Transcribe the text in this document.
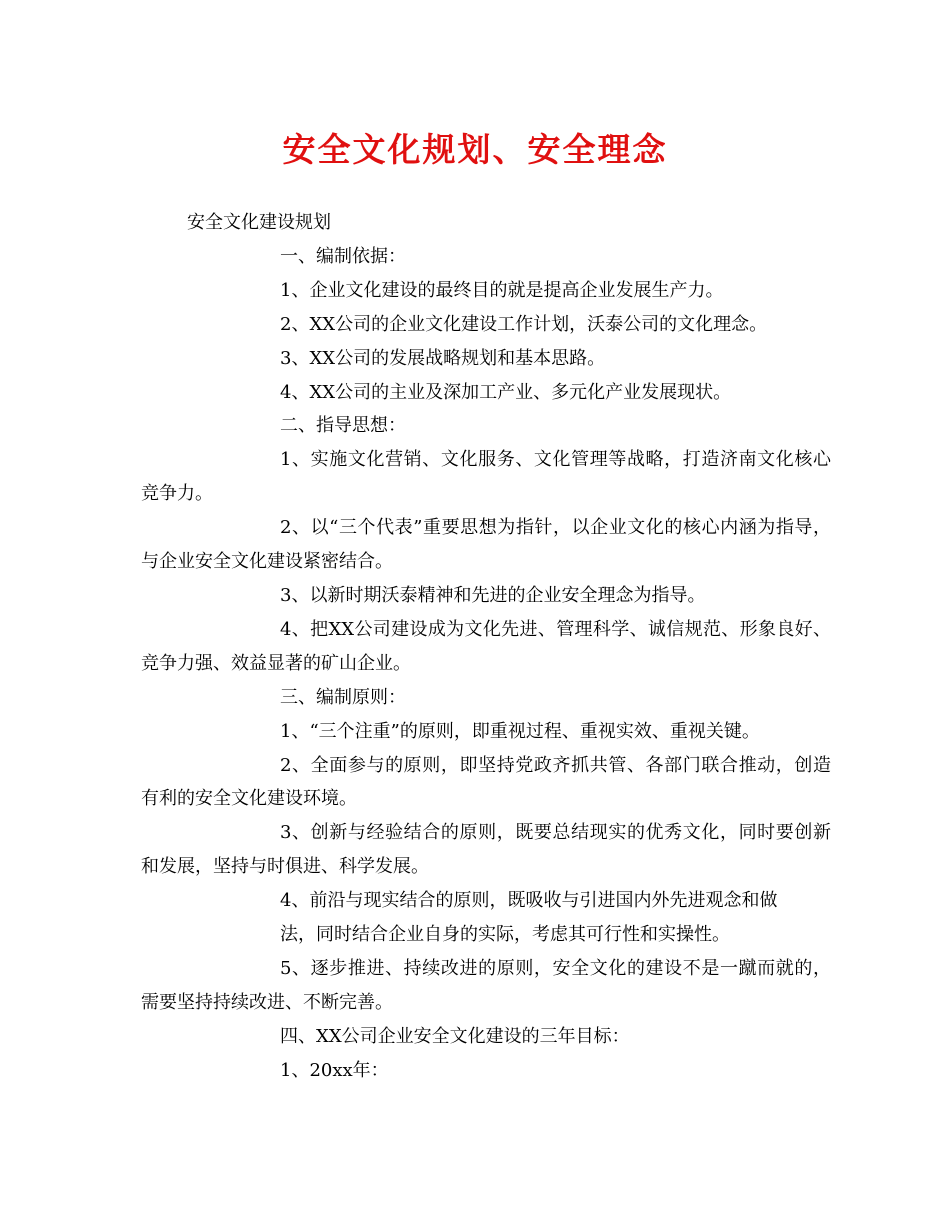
安全文化规划、安全理念

安全文化建设规划

一、编制依据：

1、企业文化建设的最终目的就是提高企业发展生产力。

2、XX公司的企业文化建设工作计划，沃泰公司的文化理念。

3、XX公司的发展战略规划和基本思路。

4、XX公司的主业及深加工产业、多元化产业发展现状。

二、指导思想：

1、实施文化营销、文化服务、文化管理等战略，打造济南文化核心竞争力。

2、以“三个代表”重要思想为指针，以企业文化的核心内涵为指导，与企业安全文化建设紧密结合。

3、以新时期沃泰精神和先进的企业安全理念为指导。

4、把XX公司建设成为文化先进、管理科学、诚信规范、形象良好、竞争力强、效益显著的矿山企业。

三、编制原则：

1、“三个注重”的原则，即重视过程、重视实效、重视关键。

2、全面参与的原则，即坚持党政齐抓共管、各部门联合推动，创造有利的安全文化建设环境。

3、创新与经验结合的原则，既要总结现实的优秀文化，同时要创新和发展，坚持与时俱进、科学发展。

4、前沿与现实结合的原则，既吸收与引进国内外先进观念和做

法，同时结合企业自身的实际，考虑其可行性和实操性。

5、逐步推进、持续改进的原则，安全文化的建设不是一蹴而就的，需要坚持持续改进、不断完善。

四、XX公司企业安全文化建设的三年目标：

1、20xx年：
